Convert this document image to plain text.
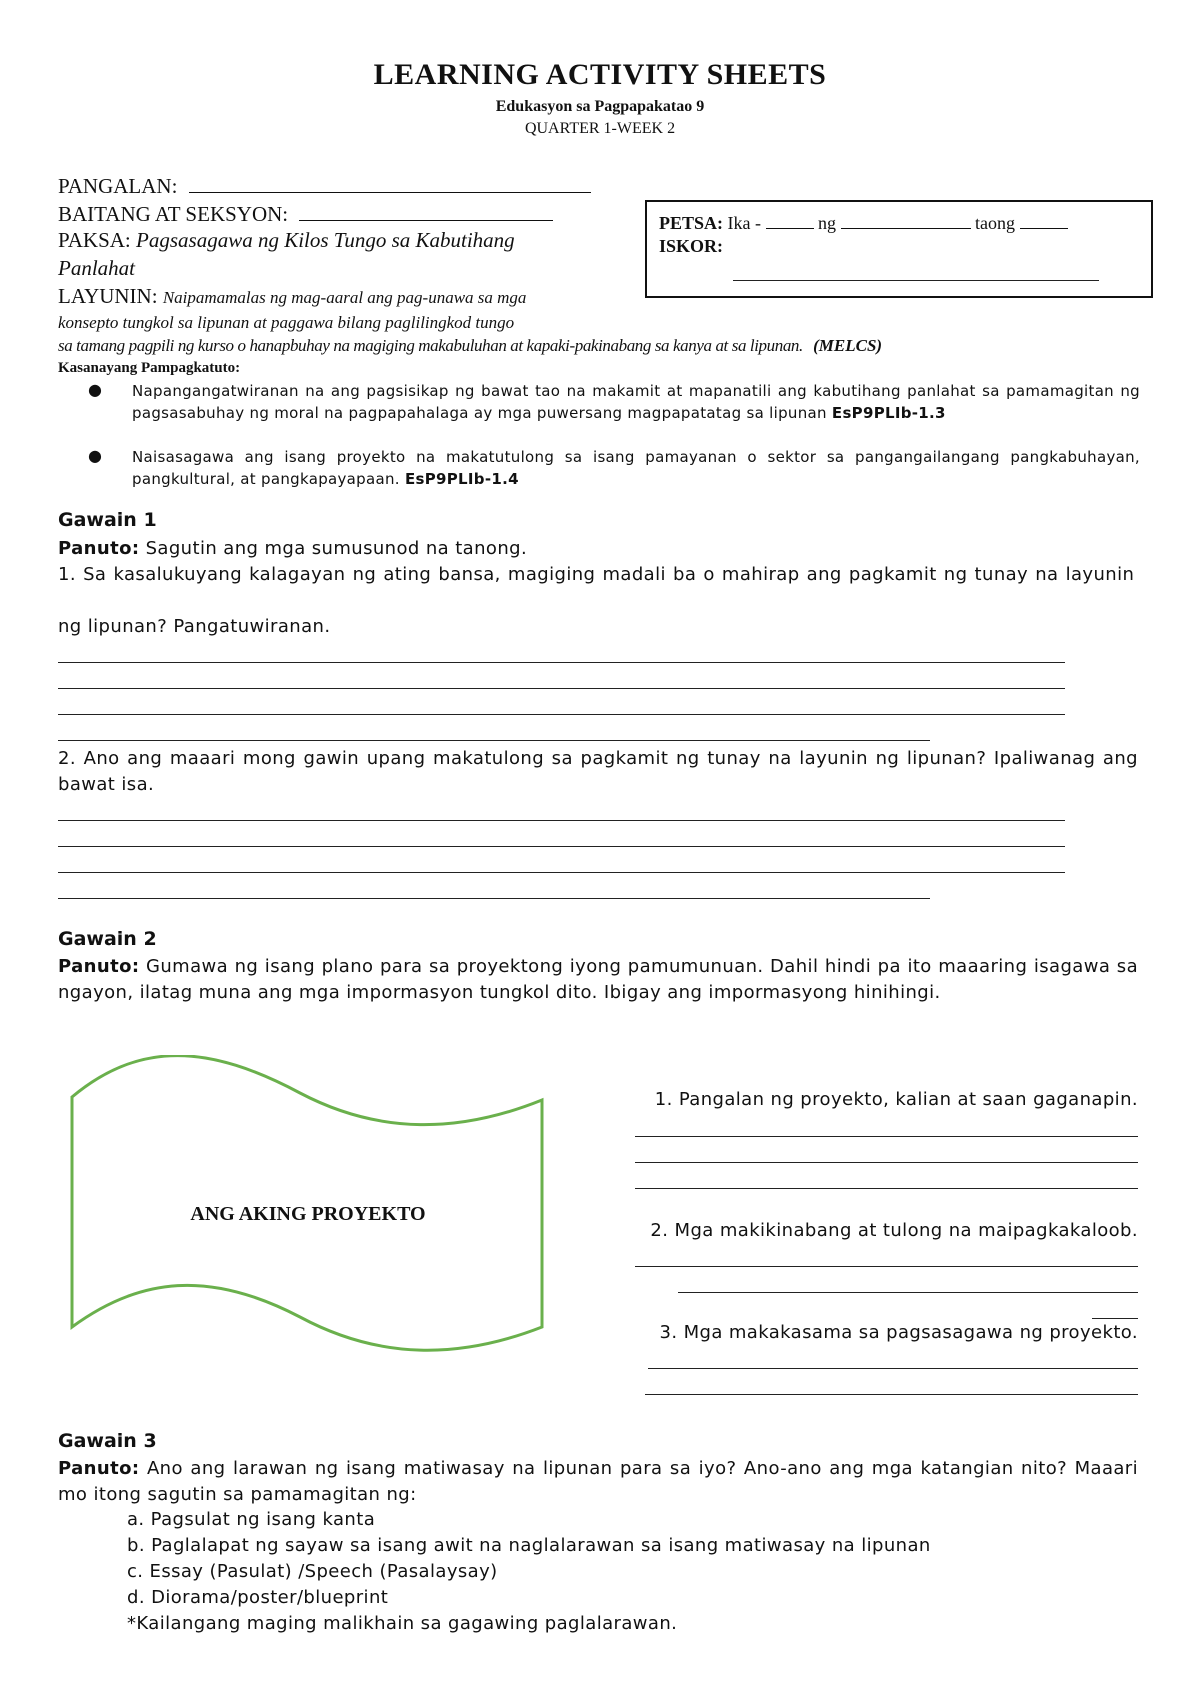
LEARNING ACTIVITY SHEETS
Edukasyon sa Pagpapakatao 9
QUARTER 1-WEEK 2
PANGALAN:
BAITANG AT SEKSYON:
PAKSA: Pagsasagawa ng Kilos Tungo sa Kabutihang
Panlahat
LAYUNIN: Naipamamalas ng mag-aaral ang pag-unawa sa mga
konsepto tungkol sa lipunan at paggawa bilang paglilingkod tungo
sa tamang pagpili ng kurso o hanapbuhay na magiging makabuluhan at kapaki-pakinabang sa kanya at sa lipunan. (MELCS)
PETSA: Ika -	ng	taong
ISKOR:
Kasanayang Pampagkatuto:
● Napangangatwiranan na ang pagsisikap ng bawat tao na makamit at mapanatili ang kabutihang panlahat sa pamamagitan ng pagsasabuhay ng moral na pagpapahalaga ay mga puwersang magpapatatag sa lipunan EsP9PLIb-1.3
● Naisasagawa ang isang proyekto na makatutulong sa isang pamayanan o sektor sa pangangailangang pangkabuhayan, pangkultural, at pangkapayapaan. EsP9PLIb-1.4
Gawain 1
Panuto: Sagutin ang mga sumusunod na tanong.
1. Sa kasalukuyang kalagayan ng ating bansa, magiging madali ba o mahirap ang pagkamit ng tunay na layunin
ng lipunan? Pangatuwiranan.
2. Ano ang maaari mong gawin upang makatulong sa pagkamit ng tunay na layunin ng lipunan? Ipaliwanag ang bawat isa.
Gawain 2
Panuto: Gumawa ng isang plano para sa proyektong iyong pamumunuan. Dahil hindi pa ito maaaring isagawa sa ngayon, ilatag muna ang mga impormasyon tungkol dito. Ibigay ang impormasyong hinihingi.
ANG AKING PROYEKTO
1. Pangalan ng proyekto, kalian at saan gaganapin.
2. Mga makikinabang at tulong na maipagkakaloob.
3. Mga makakasama sa pagsasagawa ng proyekto.
Gawain 3
Panuto: Ano ang larawan ng isang matiwasay na lipunan para sa iyo? Ano-ano ang mga katangian nito? Maaari mo itong sagutin sa pamamagitan ng:
a. Pagsulat ng isang kanta
b. Paglalapat ng sayaw sa isang awit na naglalarawan sa isang matiwasay na lipunan
c. Essay (Pasulat) /Speech (Pasalaysay)
d. Diorama/poster/blueprint
*Kailangang maging malikhain sa gagawing paglalarawan.
